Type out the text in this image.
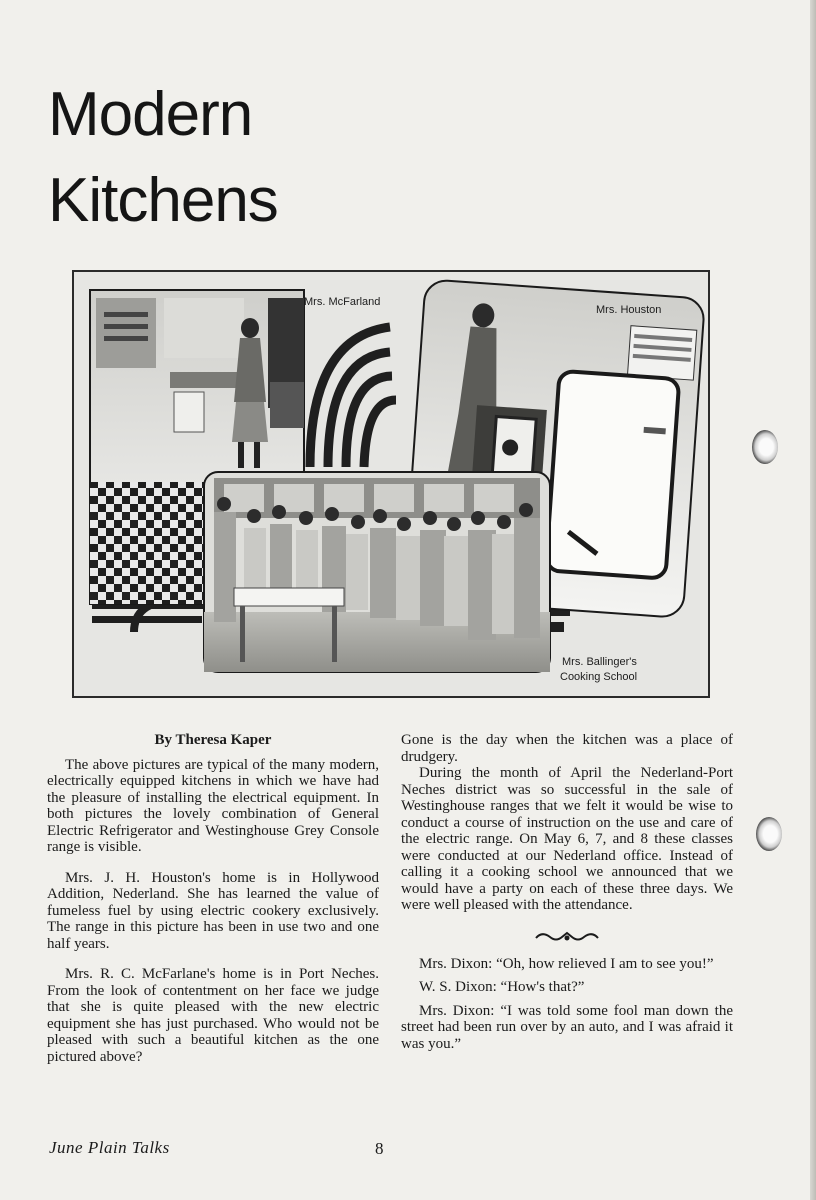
Modern
Kitchens
Mrs. McFarland
Mrs. Houston
Mrs. Ballinger's
Cooking School

By Theresa Kaper

The above pictures are typical of the many modern, electrically equipped kitchens in which we have had the pleasure of installing the electrical equipment. In both pictures the lovely combination of General Electric Refrigerator and Westinghouse Grey Console range is visible.

Mrs. J. H. Houston's home is in Hollywood Addition, Nederland. She has learned the value of fumeless fuel by using electric cookery exclusively. The range in this picture has been in use two and one half years.

Mrs. R. C. McFarlane's home is in Port Neches. From the look of contentment on her face we judge that she is quite pleased with the new electric equipment she has just purchased. Who would not be pleased with such a beautiful kitchen as the one pictured above?

Gone is the day when the kitchen was a place of drudgery.

During the month of April the Nederland-Port Neches district was so successful in the sale of Westinghouse ranges that we felt it would be wise to conduct a course of instruction on the use and care of the electric range. On May 6, 7, and 8 these classes were conducted at our Nederland office. Instead of calling it a cooking school we announced that we would have a party on each of these three days. We were well pleased with the attendance.

Mrs. Dixon: “Oh, how relieved I am to see you!”

W. S. Dixon: “How's that?”

Mrs. Dixon: “I was told some fool man down the street had been run over by an auto, and I was afraid it was you.”

June Plain Talks	8
